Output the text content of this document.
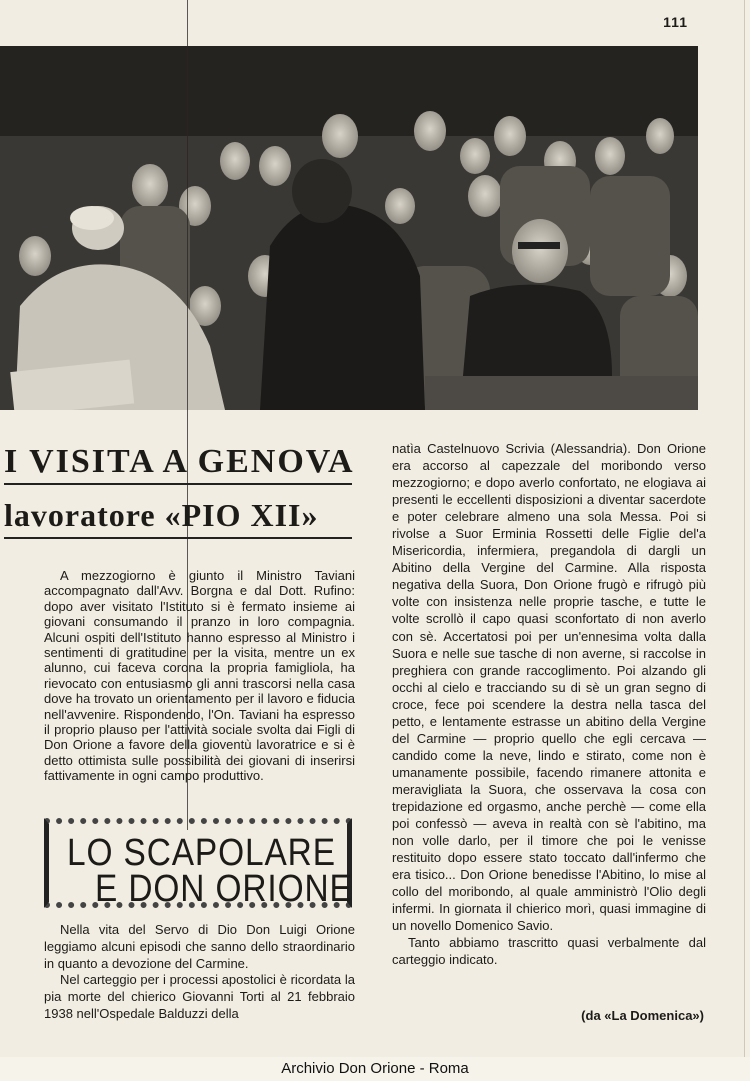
111
I VISITA A GENOVA
lavoratore «PIO XII»

A mezzogiorno è giunto il Ministro Taviani accompagnato dall'Avv. Borgna e dal Dott. Rufino: dopo aver visitato l'Istituto si è fermato insieme ai giovani consumando il pranzo in loro compagnia. Alcuni ospiti dell'Istituto hanno espresso al Ministro i sentimenti di gratitudine per la visita, mentre un ex alunno, cui faceva corona la propria famigliola, ha rievocato con entusiasmo gli anni trascorsi nella casa dove ha trovato un orientamento per il lavoro e fiducia nell'avvenire. Rispondendo, l'On. Taviani ha espresso il proprio plauso per l'attività sociale svolta dai Figli di Don Orione a favore della gioventù lavoratrice e si è detto ottimista sulle possibilità dei giovani di inserirsi fattivamente in ogni campo produttivo.

LO SCAPOLARE
E DON ORIONE

Nella vita del Servo di Dio Don Luigi Orione leggiamo alcuni episodi che sanno dello straordinario in quanto a devozione del Carmine.

Nel carteggio per i processi apostolici è ricordata la pia morte del chierico Giovanni Torti al 21 febbraio 1938 nell'Ospedale Balduzzi della

natìa Castelnuovo Scrivia (Alessandria). Don Orione era accorso al capezzale del moribondo verso mezzogiorno; e dopo averlo confortato, ne elogiava ai presenti le eccellenti disposizioni a diventar sacerdote e poter celebrare almeno una sola Messa. Poi si rivolse a Suor Erminia Rossetti delle Figlie del'a Misericordia, infermiera, pregandola di dargli un Abitino della Vergine del Carmine. Alla risposta negativa della Suora, Don Orione frugò e rifrugò più volte con insistenza nelle proprie tasche, e tutte le volte scrollò il capo quasi sconfortato di non averlo con sè. Accertatosi poi per un'ennesima volta dalla Suora e nelle sue tasche di non averne, si raccolse in preghiera con grande raccoglimento. Poi alzando gli occhi al cielo e tracciando su di sè un gran segno di croce, fece poi scendere la destra nella tasca del petto, e lentamente estrasse un abitino della Vergine del Carmine — proprio quello che egli cercava — candido come la neve, lindo e stirato, come non è umanamente possibile, facendo rimanere attonita e meravigliata la Suora, che osservava la cosa con trepidazione ed orgasmo, anche perchè — come ella poi confessò — aveva in realtà con sè l'abitino, ma non volle darlo, per il timore che poi le venisse restituito dopo essere stato toccato dall'infermo che era tisico... Don Orione benedisse l'Abitino, lo mise al collo del moribondo, al quale amministrò l'Olio degli infermi. In giornata il chierico morì, quasi immagine di un novello Domenico Savio.

Tanto abbiamo trascritto quasi verbalmente dal carteggio indicato.

(da «La Domenica»)
Archivio Don Orione - Roma
